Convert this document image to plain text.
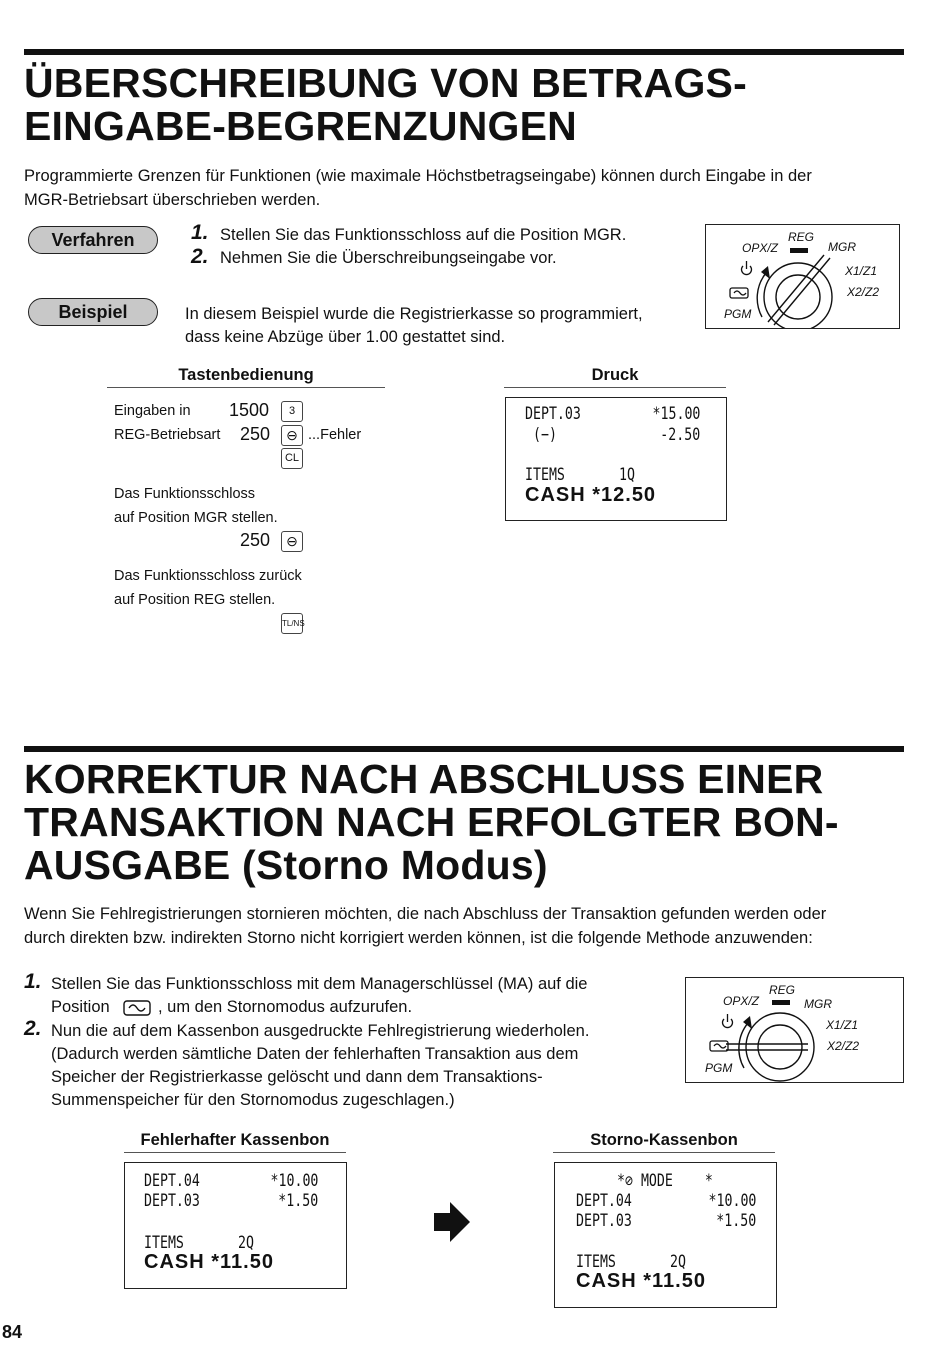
ÜBERSCHREIBUNG VON BETRAGS-
EINGABE-BEGRENZUNGEN
Programmierte Grenzen für Funktionen (wie maximale Höchstbetragseingabe) können durch Eingabe in der
MGR-Betriebsart überschrieben werden.
Verfahren	1. Stellen Sie das Funktionsschloss auf die Position MGR.
2. Nehmen Sie die Überschreibungseingabe vor.
Beispiel	In diesem Beispiel wurde die Registrierkasse so programmiert,
dass keine Abzüge über 1.00 gestattet sind.
REG
OPX/Z	MGR
X1/Z1
X2/Z2
PGM
Tastenbedienung	Druck
Eingaben in 1500	3
REG-Betriebsart 250	⊖ ...Fehler
CL
Das Funktionsschloss
auf Position MGR stellen.
250	⊖
Das Funktionsschloss zurück
auf Position REG stellen.
TL/NS
DEPT.03	*15.00
(−)	-2.50
ITEMS	1Q
CASH *12.50
KORREKTUR NACH ABSCHLUSS EINER
TRANSAKTION NACH ERFOLGTER BON-
AUSGABE (Storno Modus)
Wenn Sie Fehlregistrierungen stornieren möchten, die nach Abschluss der Transaktion gefunden werden oder
durch direkten bzw. indirekten Storno nicht korrigiert werden können, ist die folgende Methode anzuwenden:
1. Stellen Sie das Funktionsschloss mit dem Managerschlüssel (MA) auf die
Position	, um den Stornomodus aufzurufen.
2. Nun die auf dem Kassenbon ausgedruckte Fehlregistrierung wiederholen.
(Dadurch werden sämtliche Daten der fehlerhaften Transaktion aus dem
Speicher der Registrierkasse gelöscht und dann dem Transaktions-
Summenspeicher für den Stornomodus zugeschlagen.)
REG
OPX/Z	MGR
X1/Z1
X2/Z2
PGM
Fehlerhafter Kassenbon	Storno-Kassenbon
DEPT.04	*10.00
DEPT.03	*1.50
ITEMS	2Q
CASH *11.50
*⊘ MODE    *
DEPT.04	*10.00
DEPT.03	*1.50
ITEMS	2Q
CASH *11.50
84
